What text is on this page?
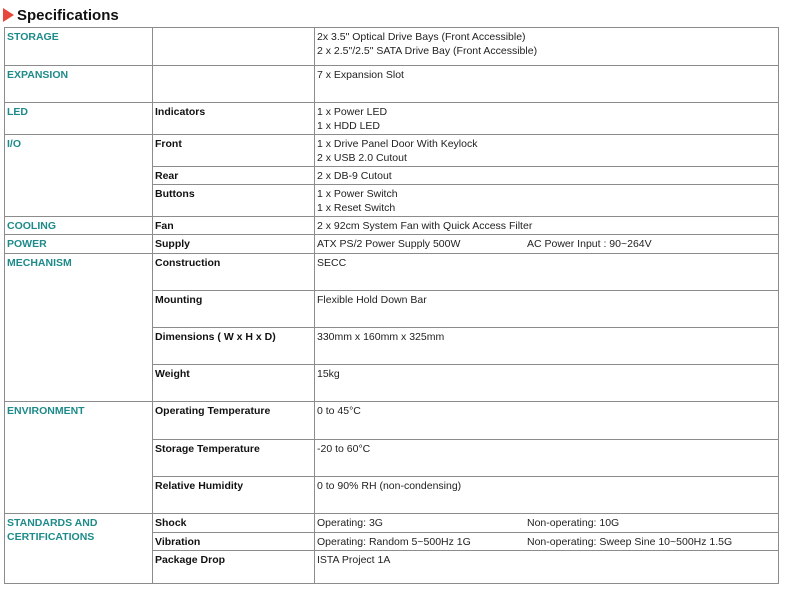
Specifications
STORAGE		2x 3.5" Optical Drive Bays (Front Accessible)
2 x 2.5"/2.5" SATA Drive Bay (Front Accessible)

EXPANSION		7 x Expansion Slot

LED	Indicators	1 x Power LED
1 x HDD LED

I/O	Front	1 x Drive Panel Door With Keylock
2 x USB 2.0 Cutout

	Rear	2 x DB-9 Cutout

	Buttons	1 x Power Switch
1 x Reset Switch

COOLING	Fan	2 x 92cm System Fan with Quick Access Filter

POWER	Supply	ATX PS/2 Power Supply 500W AC Power Input : 90~264V

MECHANISM	Construction	SECC

	Mounting	Flexible Hold Down Bar

	Dimensions ( W x H x D)	330mm x 160mm x 325mm

	Weight	15kg

ENVIRONMENT	Operating Temperature	0 to 45°C

	Storage Temperature	-20 to 60°C

	Relative Humidity	0 to 90% RH (non-condensing)

STANDARDS AND CERTIFICATIONS	Shock	Operating: 3G Non-operating: 10G

	Vibration	Operating: Random 5~500Hz 1G Non-operating: Sweep Sine 10~500Hz 1.5G

	Package Drop	ISTA Project 1A
